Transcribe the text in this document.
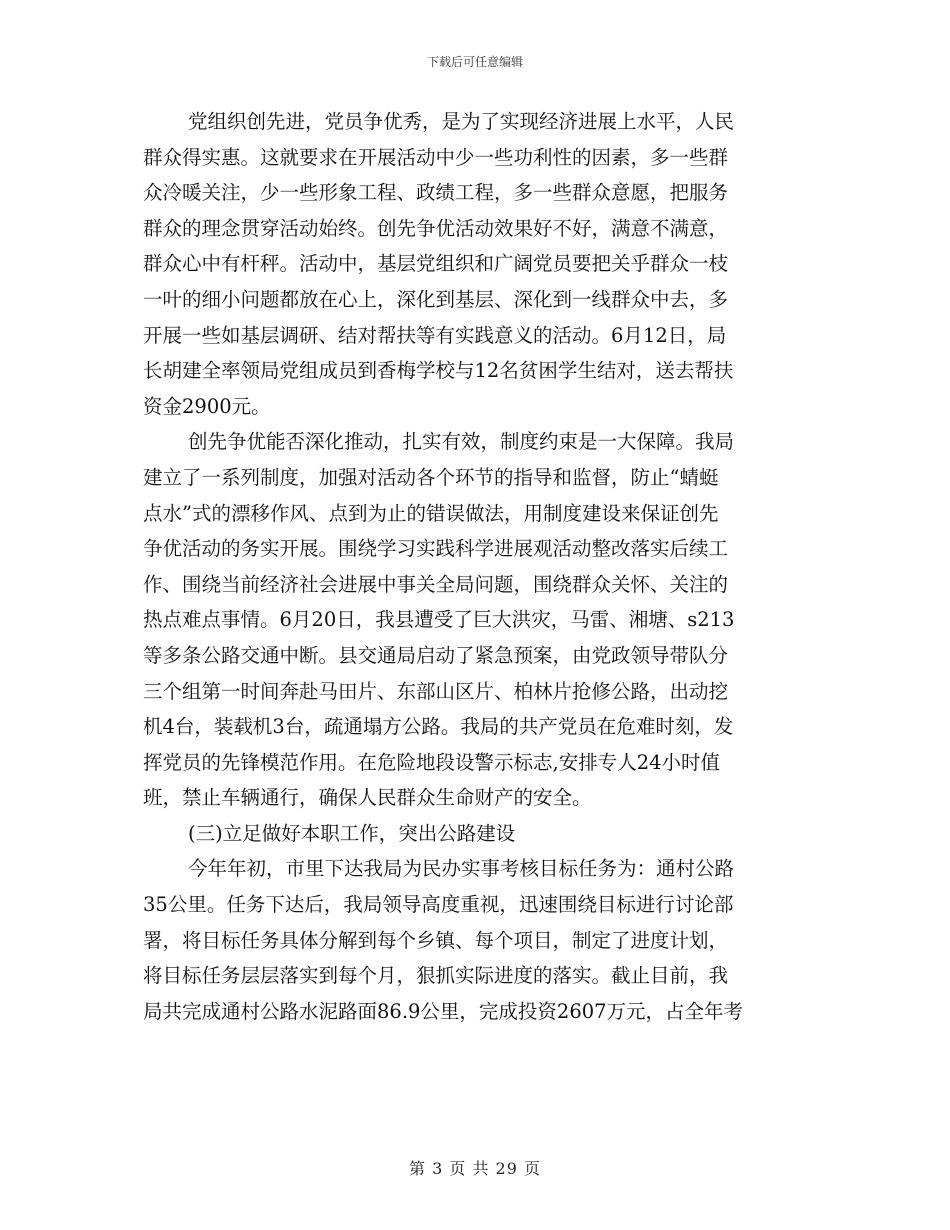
下载后可任意编辑
党组织创先进，党员争优秀，是为了实现经济进展上水平，人民
群众得实惠。这就要求在开展活动中少一些功利性的因素，多一些群
众冷暖关注，少一些形象工程、政绩工程，多一些群众意愿，把服务
群众的理念贯穿活动始终。创先争优活动效果好不好，满意不满意，
群众心中有杆秤。活动中，基层党组织和广阔党员要把关乎群众一枝
一叶的细小问题都放在心上，深化到基层、深化到一线群众中去，多
开展一些如基层调研、结对帮扶等有实践意义的活动。6月12日，局
长胡建全率领局党组成员到香梅学校与12名贫困学生结对，送去帮扶
资金2900元。
创先争优能否深化推动，扎实有效，制度约束是一大保障。我局
建立了一系列制度，加强对活动各个环节的指导和监督，防止“蜻蜓
点水”式的漂移作风、点到为止的错误做法，用制度建设来保证创先
争优活动的务实开展。围绕学习实践科学进展观活动整改落实后续工
作、围绕当前经济社会进展中事关全局问题，围绕群众关怀、关注的
热点难点事情。6月20日，我县遭受了巨大洪灾，马雷、湘塘、s213
等多条公路交通中断。县交通局启动了紧急预案，由党政领导带队分
三个组第一时间奔赴马田片、东部山区片、柏林片抢修公路，出动挖
机4台，装载机3台，疏通塌方公路。我局的共产党员在危难时刻，发
挥党员的先锋模范作用。在危险地段设警示标志,安排专人24小时值
班，禁止车辆通行，确保人民群众生命财产的安全。
(三)立足做好本职工作，突出公路建设
今年年初，市里下达我局为民办实事考核目标任务为：通村公路
35公里。任务下达后，我局领导高度重视，迅速围绕目标进行讨论部
署，将目标任务具体分解到每个乡镇、每个项目，制定了进度计划，
将目标任务层层落实到每个月，狠抓实际进度的落实。截止目前，我
局共完成通村公路水泥路面86.9公里，完成投资2607万元，占全年考
第 3 页 共 29 页
